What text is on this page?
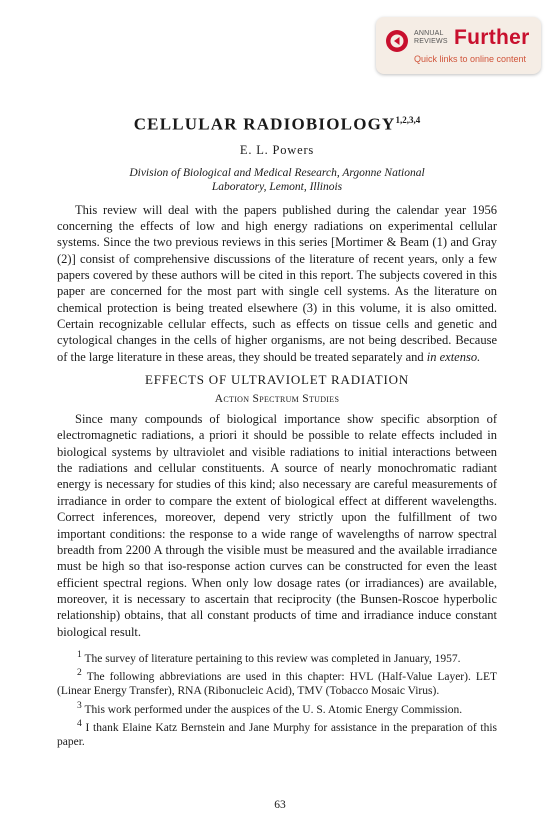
ANNUAL
REVIEWS Further
Quick links to online content
CELLULAR RADIOBIOLOGY$^{1,2,3,4}$
E. L. Powers
Division of Biological and Medical Research, Argonne National
Laboratory, Lemont, Illinois

This review will deal with the papers published during the calendar year 1956 concerning the effects of low and high energy radiations on experimental cellular systems. Since the two previous reviews in this series [Mortimer & Beam (1) and Gray (2)] consist of comprehensive discussions of the literature of recent years, only a few papers covered by these authors will be cited in this report. The subjects covered in this paper are concerned for the most part with single cell systems. As the literature on chemical protection is being treated elsewhere (3) in this volume, it is also omitted. Certain recognizable cellular effects, such as effects on tissue cells and genetic and cytological changes in the cells of higher organisms, are not being described. Because of the large literature in these areas, they should be treated separately and in extenso.

EFFECTS OF ULTRAVIOLET RADIATION
Action Spectrum Studies

Since many compounds of biological importance show specific absorption of electromagnetic radiations, a priori it should be possible to relate effects included in biological systems by ultraviolet and visible radiations to initial interactions between the radiations and cellular constituents. A source of nearly monochromatic radiant energy is necessary for studies of this kind; also necessary are careful measurements of irradiance in order to compare the extent of biological effect at different wavelengths. Correct inferences, moreover, depend very strictly upon the fulfillment of two important conditions: the response to a wide range of wavelengths of narrow spectral breadth from 2200 A through the visible must be measured and the available irradiance must be high so that iso-response action curves can be constructed for even the least efficient spectral regions. When only low dosage rates (or irradiances) are available, moreover, it is necessary to ascertain that reciprocity (the Bunsen-Roscoe hyperbolic relationship) obtains, that all constant products of time and irradiance induce constant biological result.

$^1$ The survey of literature pertaining to this review was completed in January, 1957.

$^2$ The following abbreviations are used in this chapter: HVL (Half-Value Layer). LET (Linear Energy Transfer), RNA (Ribonucleic Acid), TMV (Tobacco Mosaic Virus).

$^3$ This work performed under the auspices of the U. S. Atomic Energy Commission.

$^4$ I thank Elaine Katz Bernstein and Jane Murphy for assistance in the preparation of this paper.

63
